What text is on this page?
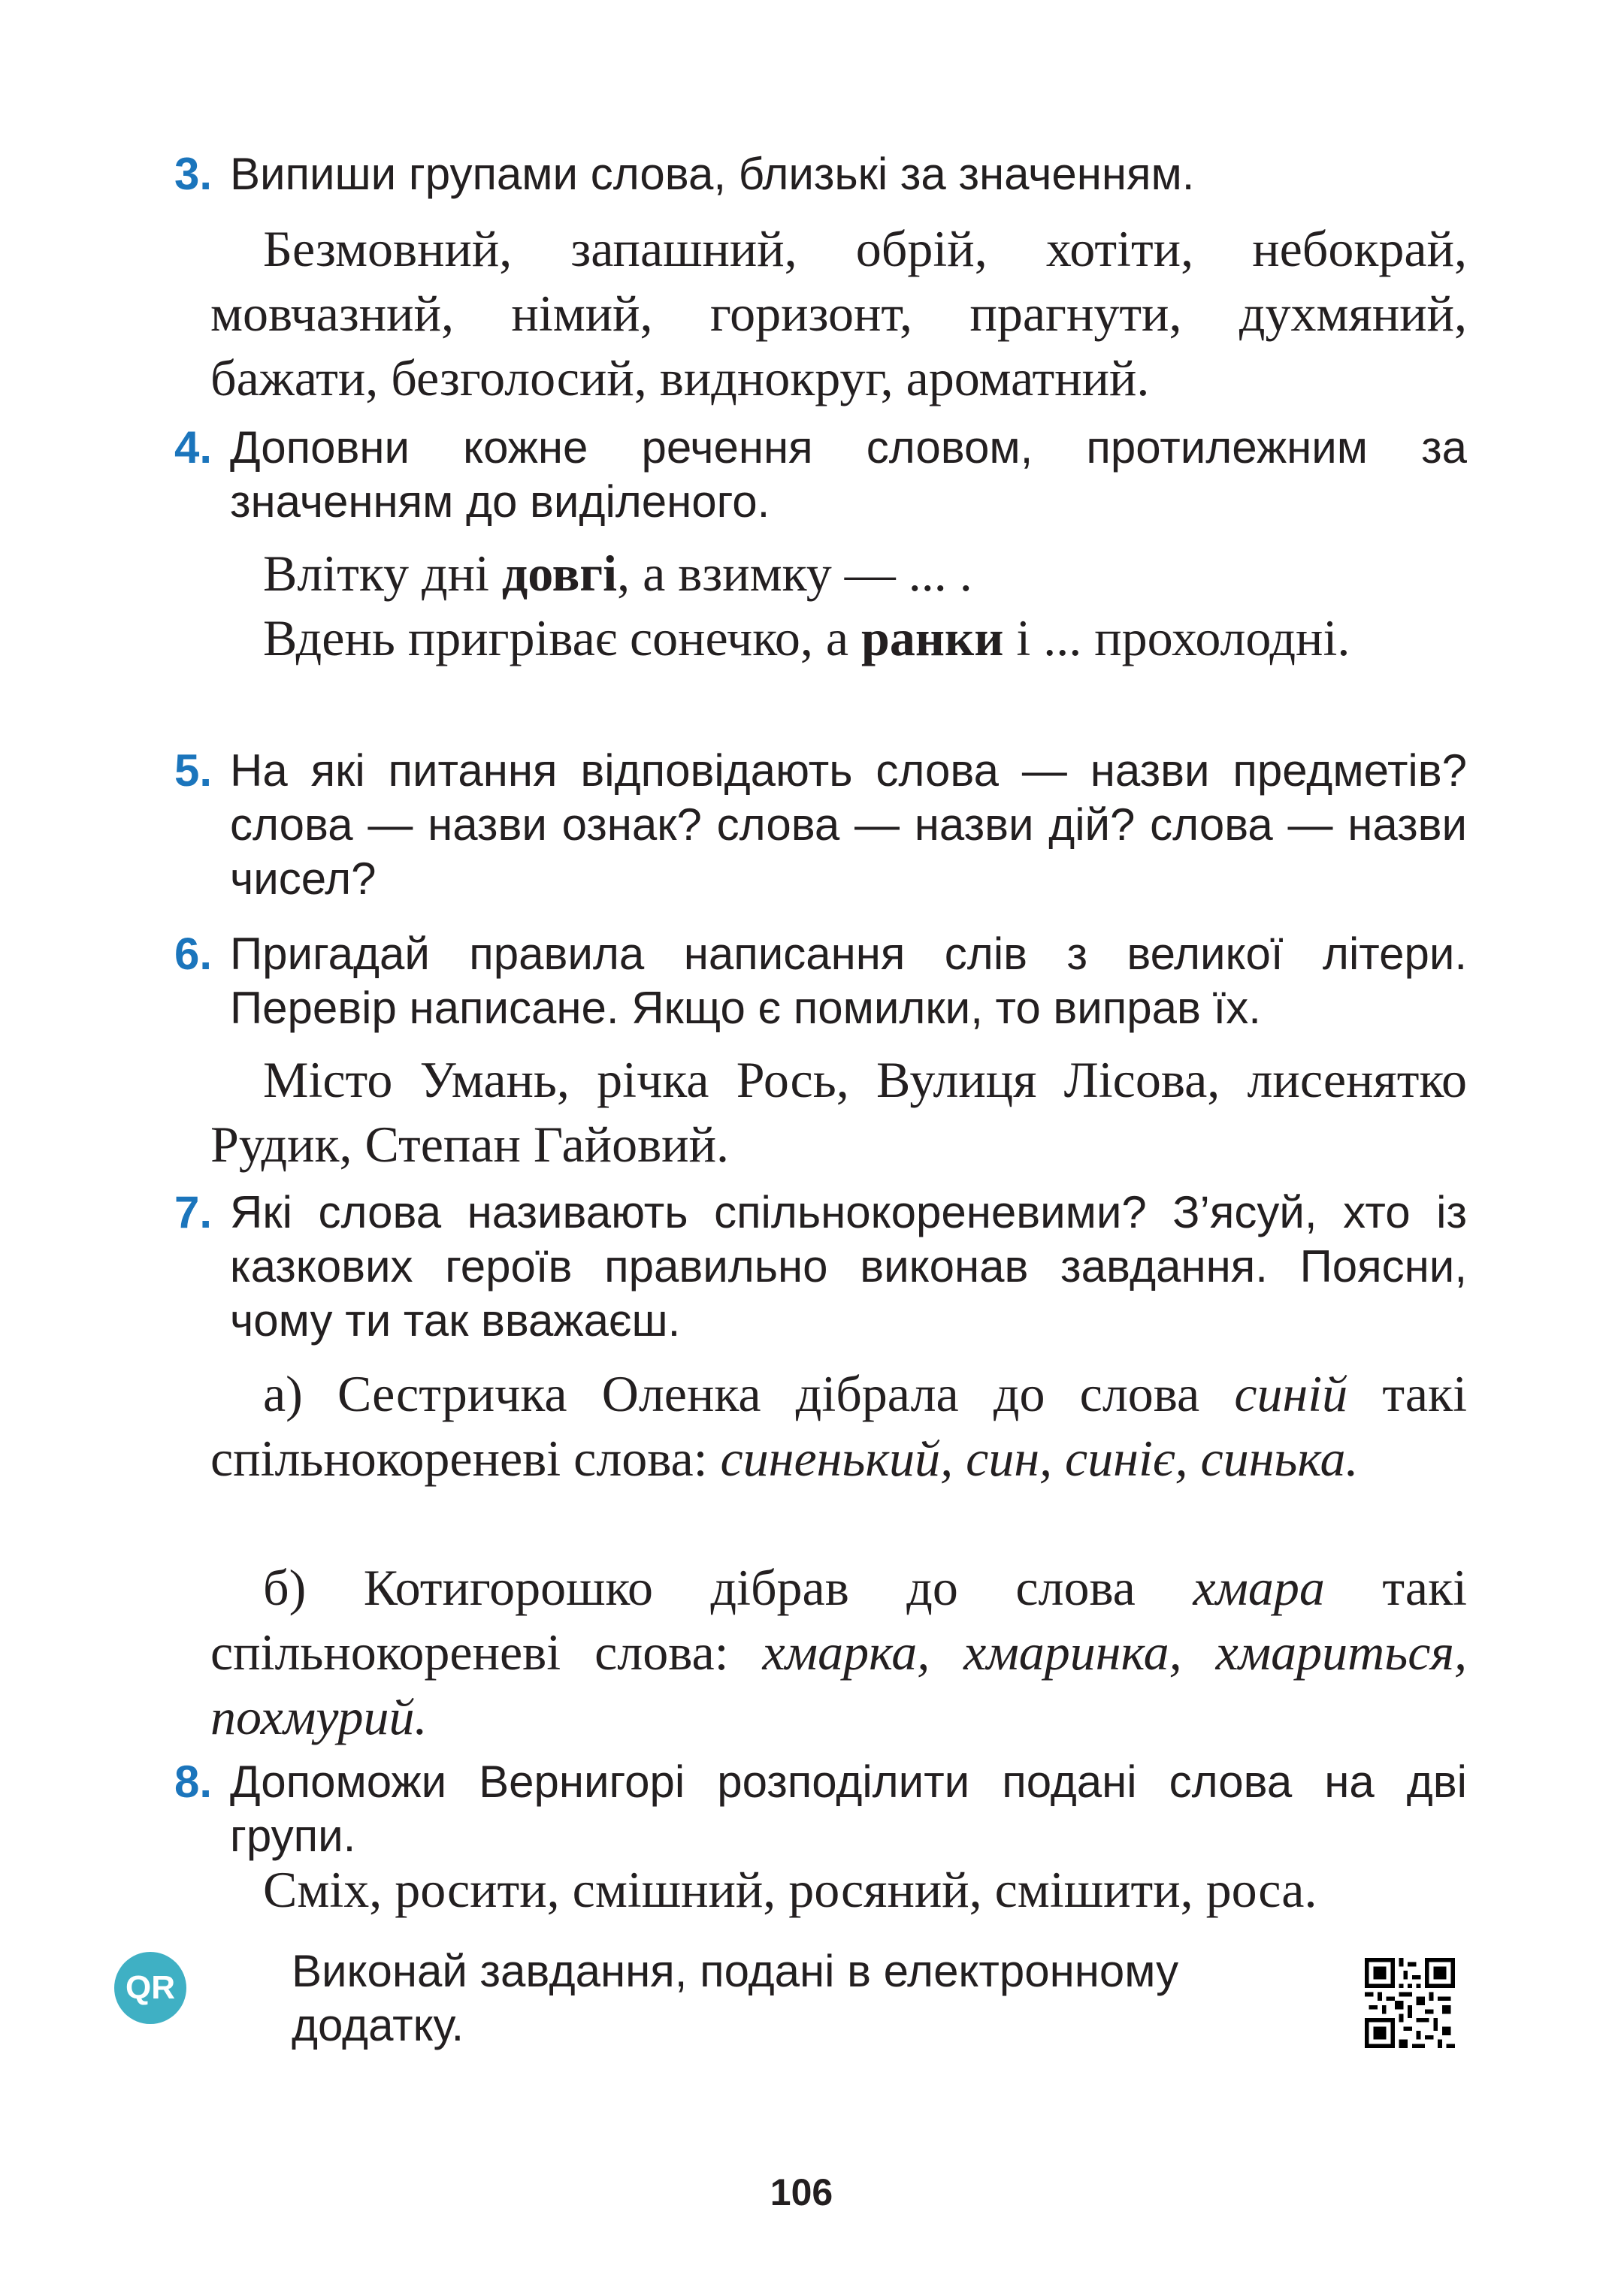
3. Випиши групами слова, близькі за значенням.
Безмовний, запашний, обрій, хотіти, небокрай, мовчазний, німий, горизонт, прагнути, духмяний, бажати, безголосий, виднокруг, ароматний.
4. Доповни кожне речення словом, протилежним за значенням до виділеного.
Влітку дні довгі, а взимку — ... .
Вдень пригріває сонечко, а ранки і ... прохолодні.
5. На які питання відповідають слова — назви предметів? слова — назви ознак? слова — назви дій? слова — назви чисел?
6. Пригадай правила написання слів з великої літери. Перевір написане. Якщо є помилки, то виправ їх.
Місто Умань, річка Рось, Вулиця Лісова, лисенятко Рудик, Степан Гайовий.
7. Які слова називають спільнокореневими? З’ясуй, хто із казкових героїв правильно виконав завдання. Поясни, чому ти так вважаєш.
а) Сестричка Оленка дібрала до слова синій такі спільнокореневі слова: синенький, син, синіє, синька.
б) Котигорошко дібрав до слова хмара такі спільнокореневі слова: хмарка, хмаринка, хмариться, похмурий.
8. Допоможи Вернигорі розподілити подані слова на дві групи.
Сміх, росити, смішний, росяний, смішити, роса.
QR	Виконай завдання, подані в електронному додатку.
106
